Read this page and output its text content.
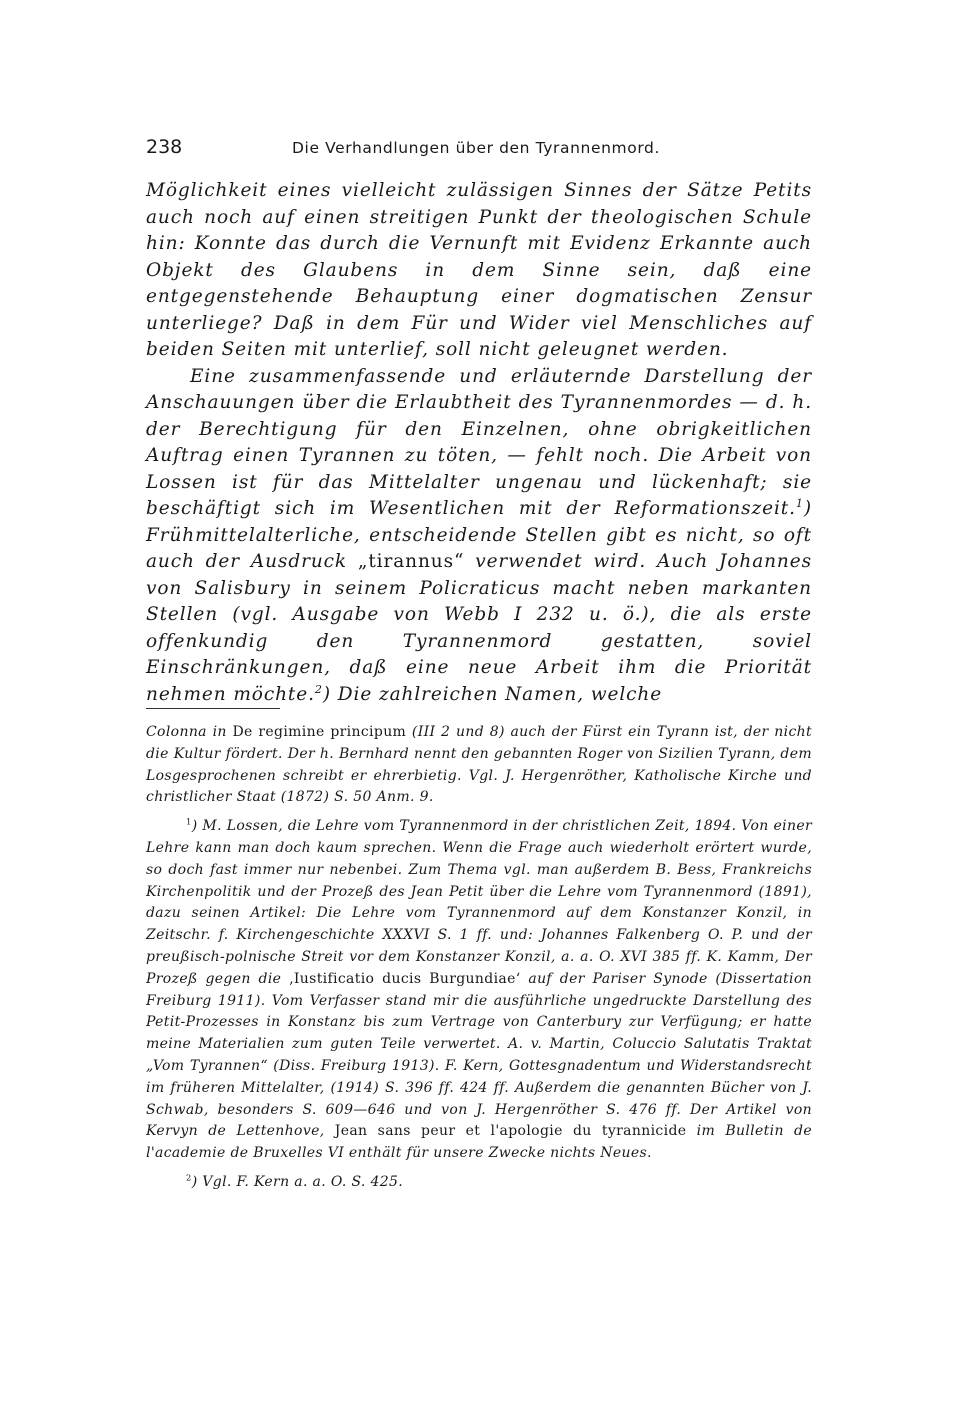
238	Die Verhandlungen über den Tyrannenmord.

Möglichkeit eines vielleicht zulässigen Sinnes der Sätze Petits auch noch auf einen streitigen Punkt der theologischen Schule hin: Konnte das durch die Vernunft mit Evidenz Erkannte auch Objekt des Glaubens in dem Sinne sein, daß eine entgegenstehende Behauptung einer dogmatischen Zensur unterliege? Daß in dem Für und Wider viel Menschliches auf beiden Seiten mit unterlief, soll nicht geleugnet werden.

Eine zusammenfassende und erläuternde Darstellung der Anschauungen über die Erlaubtheit des Tyrannenmordes — d. h. der Berechtigung für den Einzelnen, ohne obrigkeitlichen Auftrag einen Tyrannen zu töten, — fehlt noch. Die Arbeit von Lossen ist für das Mittelalter ungenau und lückenhaft; sie beschäftigt sich im Wesentlichen mit der Reformationszeit.$^1$) Frühmittelalterliche, entscheidende Stellen gibt es nicht, so oft auch der Ausdruck „tirannus“ verwendet wird. Auch Johannes von Salisbury in seinem Policraticus macht neben markanten Stellen (vgl. Ausgabe von Webb I 232 u. ö.), die als erste offenkundig den Tyrannenmord gestatten, soviel Einschränkungen, daß eine neue Arbeit ihm die Priorität nehmen möchte.$^2$) Die zahlreichen Namen, welche

Colonna in De regimine principum (III 2 und 8) auch der Fürst ein Tyrann ist, der nicht die Kultur fördert. Der h. Bernhard nennt den gebannten Roger von Sizilien Tyrann, dem Losgesprochenen schreibt er ehrerbietig. Vgl. J. Hergenröther, Katholische Kirche und christlicher Staat (1872) S. 50 Anm. 9.

$^1$) M. Lossen, die Lehre vom Tyrannenmord in der christlichen Zeit, 1894. Von einer Lehre kann man doch kaum sprechen. Wenn die Frage auch wiederholt erörtert wurde, so doch fast immer nur nebenbei. Zum Thema vgl. man außerdem B. Bess, Frankreichs Kirchenpolitik und der Prozeß des Jean Petit über die Lehre vom Tyrannenmord (1891), dazu seinen Artikel: Die Lehre vom Tyrannenmord auf dem Konstanzer Konzil, in Zeitschr. f. Kirchengeschichte XXXVI S. 1 ff. und: Johannes Falkenberg O. P. und der preußisch-polnische Streit vor dem Konstanzer Konzil, a. a. O. XVI 385 ff. K. Kamm, Der Prozeß gegen die ‚Iustificatio ducis Burgundiae‘ auf der Pariser Synode (Dissertation Freiburg 1911). Vom Verfasser stand mir die ausführliche ungedruckte Darstellung des Petit-Prozesses in Konstanz bis zum Vertrage von Canterbury zur Verfügung; er hatte meine Materialien zum guten Teile verwertet. A. v. Martin, Coluccio Salutatis Traktat „Vom Tyrannen“ (Diss. Freiburg 1913). F. Kern, Gottesgnadentum und Widerstandsrecht im früheren Mittelalter, (1914) S. 396 ff. 424 ff. Außerdem die genannten Bücher von J. Schwab, besonders S. 609—646 und von J. Hergenröther S. 476 ff. Der Artikel von Kervyn de Lettenhove, Jean sans peur et l'apologie du tyrannicide im Bulletin de l'academie de Bruxelles VI enthält für unsere Zwecke nichts Neues.

$^2$) Vgl. F. Kern a. a. O. S. 425.
